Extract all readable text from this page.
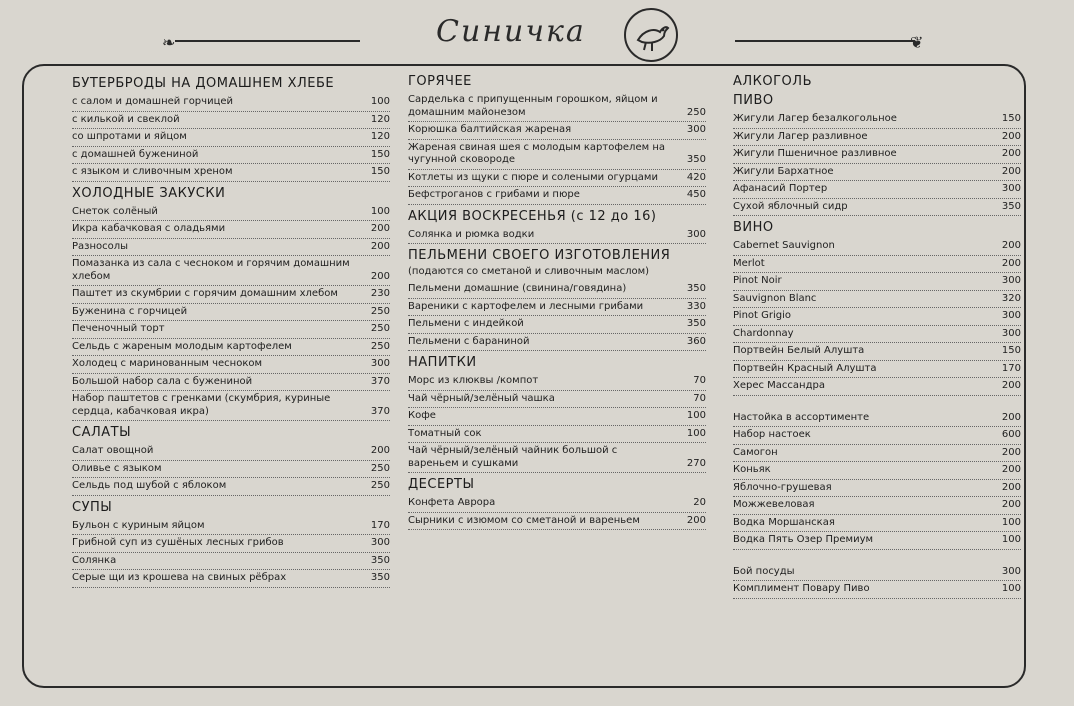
❧	Синичка	❦
БУТЕРБРОДЫ НА ДОМАШНЕМ ХЛЕБЕ
с салом и домашней горчицей	100
с килькой и свеклой	120
со шпротами и яйцом	120
с домашней бужениной	150
с языком и сливочным хреном	150
ХОЛОДНЫЕ ЗАКУСКИ
Снеток солёный	100
Икра кабачковая с оладьями	200
Разносолы	200
Помазанка из сала с чесноком и горячим домашним хлебом	200
Паштет из скумбрии с горячим домашним хлебом	230
Буженина с горчицей	250
Печеночный торт	250
Сельдь с жареным молодым картофелем	250
Холодец с маринованным чесноком	300
Большой набор сала с бужениной	370
Набор паштетов с гренками (скумбрия, куриные сердца, кабачковая икра)	370
САЛАТЫ
Салат овощной	200
Оливье с языком	250
Сельдь под шубой с яблоком	250
СУПЫ
Бульон с куриным яйцом	170
Грибной суп из сушёных лесных грибов	300
Солянка	350
Серые щи из крошева на свиных рёбрах	350
ГОРЯЧЕЕ
Сарделька с припущенным горошком, яйцом и домашним майонезом	250
Корюшка балтийская жареная	300
Жареная свиная шея с молодым картофелем на чугунной сковороде	350
Котлеты из щуки с пюре и солеными огурцами	420
Бефстроганов с грибами и пюре	450
АКЦИЯ ВОСКРЕСЕНЬЯ (с 12 до 16)
Солянка и рюмка водки	300
ПЕЛЬМЕНИ СВОЕГО ИЗГОТОВЛЕНИЯ
(подаются со сметаной и сливочным маслом)
Пельмени домашние (свинина/говядина)	350
Вареники с картофелем и лесными грибами	330
Пельмени с индейкой	350
Пельмени с бараниной	360
НАПИТКИ
Морс из клюквы /компот	70
Чай чёрный/зелёный чашка	70
Кофе	100
Томатный сок	100
Чай чёрный/зелёный чайник большой с вареньем и сушками	270
ДЕСЕРТЫ
Конфета Аврора	20
Сырники с изюмом со сметаной и вареньем	200
АЛКОГОЛЬ
ПИВО
Жигули Лагер безалкогольное	150
Жигули Лагер разливное	200
Жигули Пшеничное разливное	200
Жигули Бархатное	200
Афанасий Портер	300
Сухой яблочный сидр	350
ВИНО
Cabernet Sauvignon	200
Merlot	200
Pinot Noir	300
Sauvignon Blanc	320
Pinot Grigio	300
Chardonnay	300
Портвейн Белый Алушта	150
Портвейн Красный Алушта	170
Херес Массандра	200
Настойка в ассортименте	200
Набор настоек	600
Самогон	200
Коньяк	200
Яблочно-грушевая	200
Можжевеловая	200
Водка Моршанская	100
Водка Пять Озер Премиум	100
Бой посуды	300
Комплимент Повару Пиво	100
